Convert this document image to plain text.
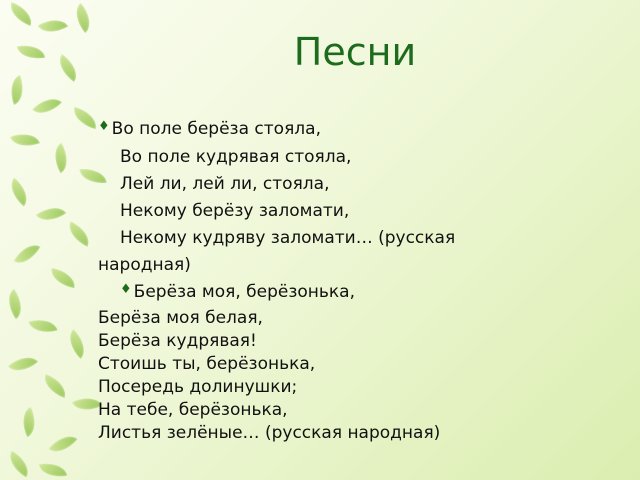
Песни
♦ Во поле берёза стояла,
Во поле кудрявая стояла,
Лей ли, лей ли, стояла,
Некому берёзу заломати,
Некому кудряву заломати… (русская
народная)
♦ Берёза моя, берёзонька,
Берёза моя белая,
Берёза кудрявая!
Стоишь ты, берёзонька,
Посередь долинушки;
На тебе, берёзонька,
Листья зелёные… (русская народная)
